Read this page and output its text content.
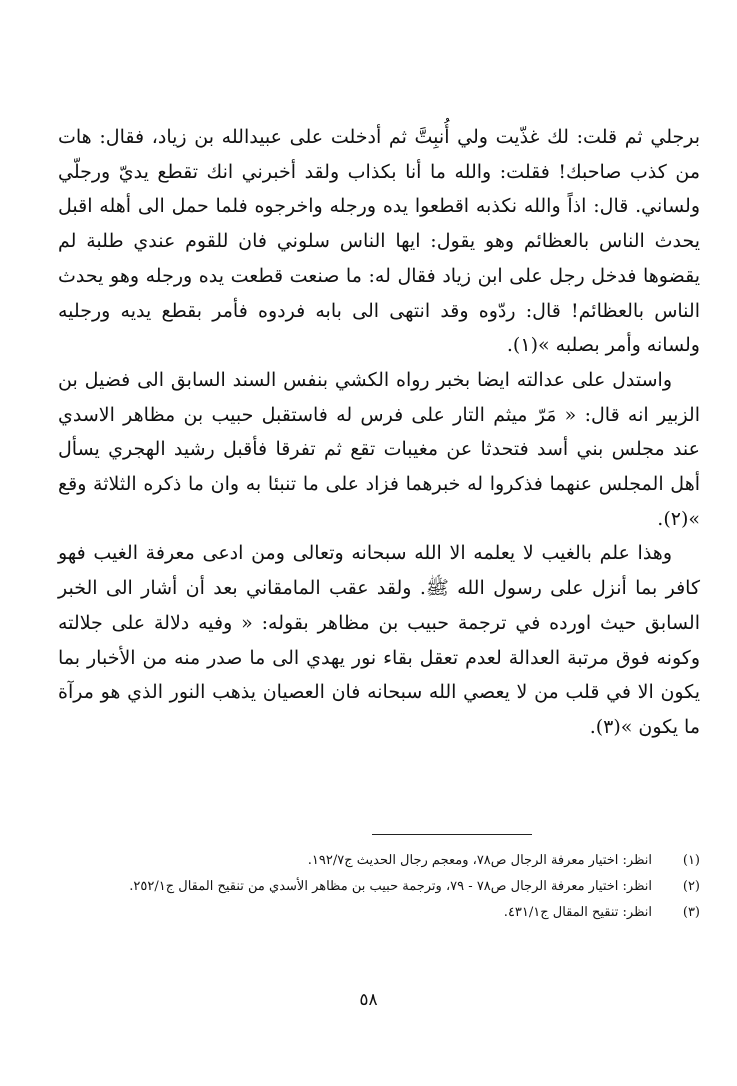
برجلي ثم قلت: لك غذّيت ولي أُنبِتَّ ثم أدخلت على عبيدالله بن زياد، فقال: هات من كذب صاحبك! فقلت: والله ما أنا بكذاب ولقد أخبرني انك تقطع يديّ ورجلّي ولساني. قال: اذاً والله نكذبه اقطعوا يده ورجله واخرجوه فلما حمل الى أهله اقبل يحدث الناس بالعظائم وهو يقول: ايها الناس سلوني فان للقوم عندي طلبة لم يقضوها فدخل رجل على ابن زياد فقال له: ما صنعت قطعت يده ورجله وهو يحدث الناس بالعظائم! قال: ردّوه وقد انتهى الى بابه فردوه فأمر بقطع يديه ورجليه ولسانه وأمر بصلبه »(١).

واستدل على عدالته ايضا بخبر رواه الكشي بنفس السند السابق الى فضيل بن الزبير انه قال: « مَرّ ميثم التار على فرس له فاستقبل حبيب بن مظاهر الاسدي عند مجلس بني أسد فتحدثا عن مغيبات تقع ثم تفرقا فأقبل رشيد الهجري يسأل أهل المجلس عنهما فذكروا له خبرهما فزاد على ما تنبئا به وان ما ذكره الثلاثة وقع »(٢).

وهذا علم بالغيب لا يعلمه الا الله سبحانه وتعالى ومن ادعى معرفة الغيب فهو كافر بما أنزل على رسول الله ﷺ. ولقد عقب المامقاني بعد أن أشار الى الخبر السابق حيث اورده في ترجمة حبيب بن مظاهر بقوله: « وفيه دلالة على جلالته وكونه فوق مرتبة العدالة لعدم تعقل بقاء نور يهدي الى ما صدر منه من الأخبار بما يكون الا في قلب من لا يعصي الله سبحانه فان العصيان يذهب النور الذي هو مرآة ما يكون »(٣).

(١)
انظر: اختيار معرفة الرجال ص٧٨، ومعجم رجال الحديث ج١٩٢/٧.
(٢)
انظر: اختيار معرفة الرجال ص٧٨ - ٧٩، وترجمة حبيب بن مظاهر الأسدي من تنقيح المقال ج٢٥٢/١.
(٣)
انظر: تنقيح المقال ج٤٣١/١.
٥٨
